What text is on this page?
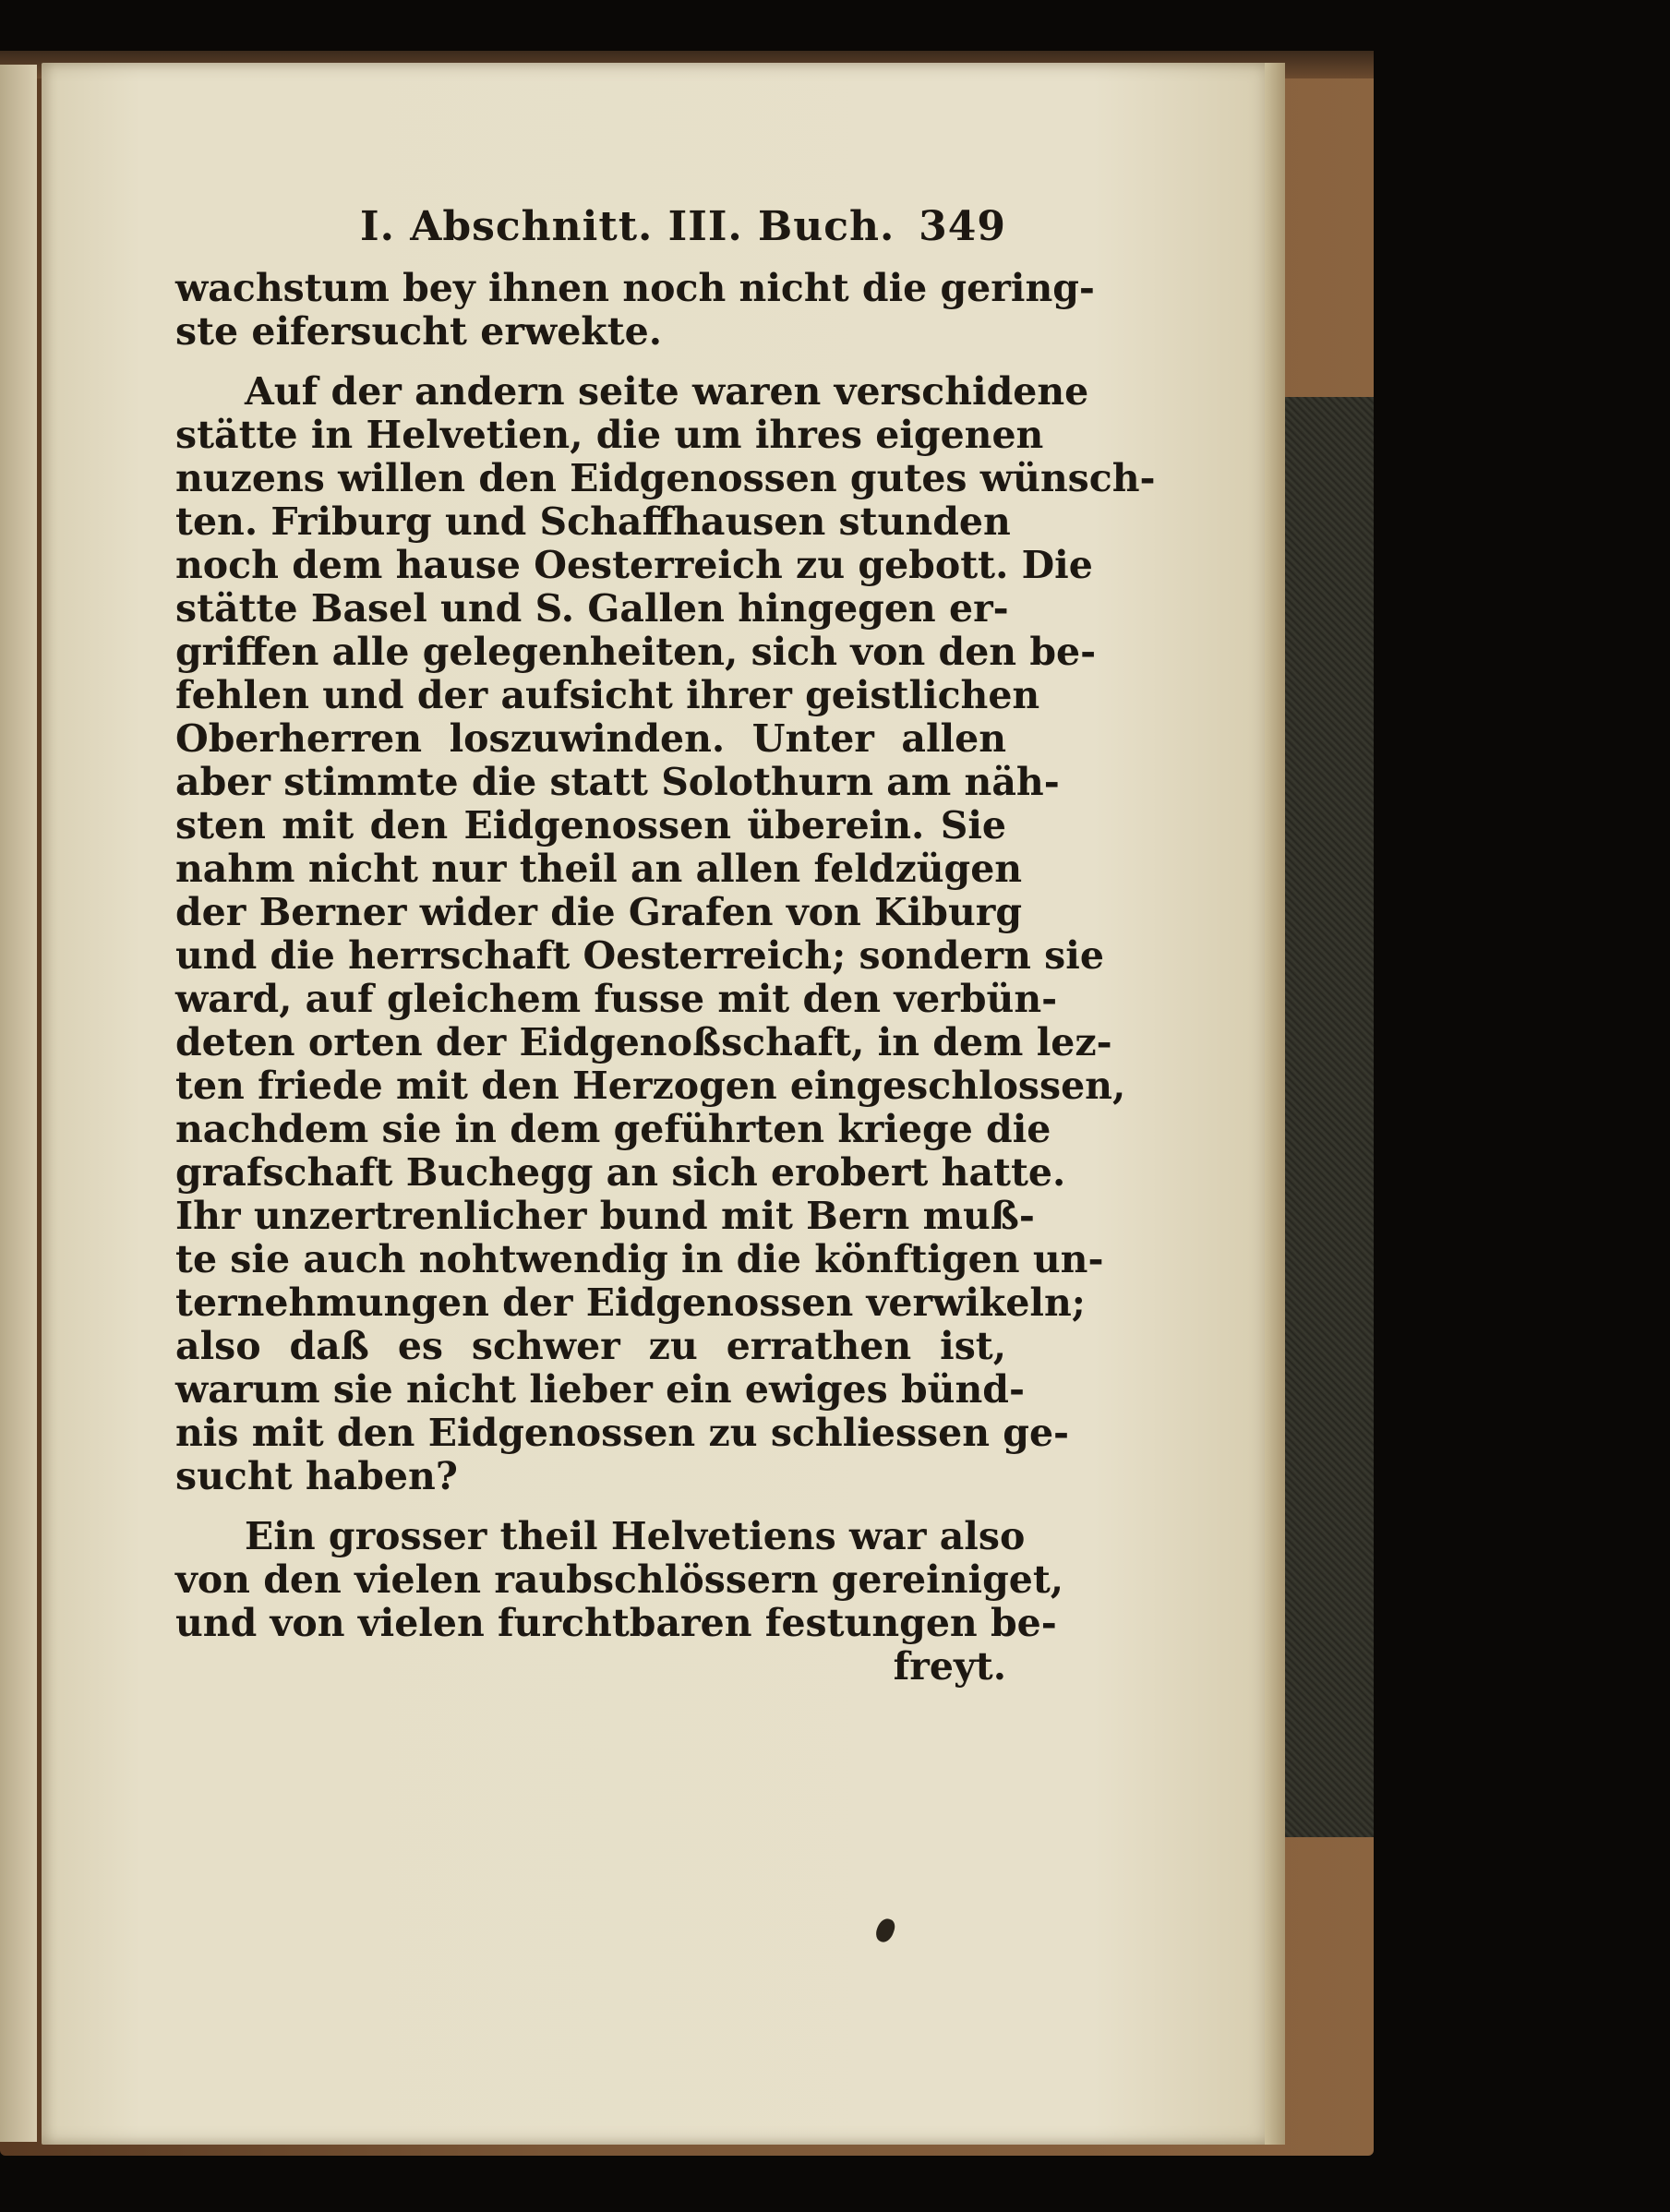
I. Abschnitt. III. Buch. 349
wachstum bey ihnen noch nicht die gering-
ste eifersucht erwekte.
Auf der andern seite waren verschidene
stätte in Helvetien, die um ihres eigenen
nuzens willen den Eidgenossen gutes wünsch-
ten. Friburg und Schaffhausen stunden
noch dem hause Oesterreich zu gebott. Die
stätte Basel und S. Gallen hingegen er-
griffen alle gelegenheiten, sich von den be-
fehlen und der aufsicht ihrer geistlichen
Oberherren loszuwinden. Unter allen
aber stimmte die statt Solothurn am näh-
sten mit den Eidgenossen überein. Sie
nahm nicht nur theil an allen feldzügen
der Berner wider die Grafen von Kiburg
und die herrschaft Oesterreich; sondern sie
ward, auf gleichem fusse mit den verbün-
deten orten der Eidgenoßschaft, in dem lez-
ten friede mit den Herzogen eingeschlossen,
nachdem sie in dem geführten kriege die
grafschaft Buchegg an sich erobert hatte.
Ihr unzertrenlicher bund mit Bern muß-
te sie auch nohtwendig in die könftigen un-
ternehmungen der Eidgenossen verwikeln;
also daß es schwer zu errathen ist,
warum sie nicht lieber ein ewiges bünd-
nis mit den Eidgenossen zu schliessen ge-
sucht haben?
Ein grosser theil Helvetiens war also
von den vielen raubschlössern gereiniget,
und von vielen furchtbaren festungen be-
freyt.
